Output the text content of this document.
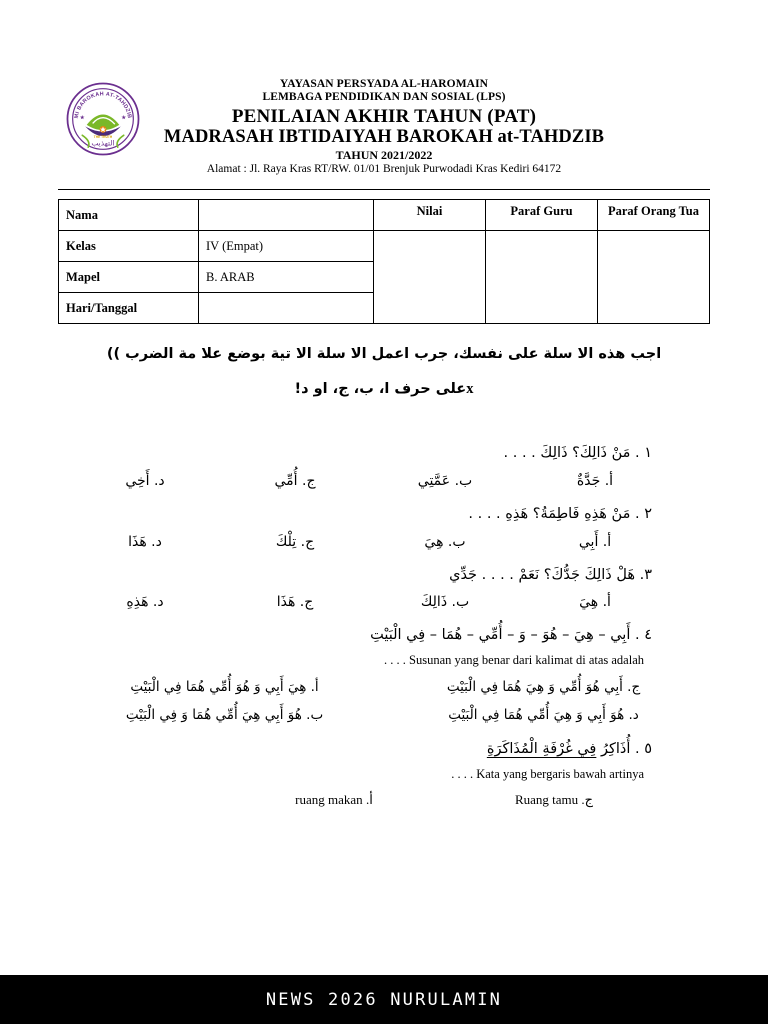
MI BAROKAH AT-TAHDZIB
★	★
التهذيب
THE TRUTH
YAYASAN PERSYADA AL-HAROMAIN
LEMBAGA PENDIDIKAN DAN SOSIAL (LPS)
PENILAIAN AKHIR TAHUN (PAT)
MADRASAH IBTIDAIYAH BAROKAH at-TAHDZIB
TAHUN 2021/2022
Alamat : Jl. Raya Kras RT/RW. 01/01 Brenjuk Purwodadi Kras Kediri 64172
Nama		Nilai	Paraf Guru	Paraf Orang Tua
Kelas	IV (Empat)			
Mapel	B. ARAB			
Hari/Tanggal				
اجب هذه الا سلة على نفسك، جرب اعمل الا سلة الا تية بوضع علا مة الضرب ))
xعلى حرف ا، ب، ج، او د!
١ . مَنْ ذَالِكَ؟ ذَالِكَ . . . .
أ. جَدَّةٌ
ب. عَمَّتِي
ج. أُمِّي
د. أَخِي
٢ . مَنْ هَذِهِ فَاطِمَةُ؟ هَذِهِ . . . .
أ. أَبِي
ب. هِيَ
ج. تِلْكَ
د. هَذَا
٣. هَلْ ذَالِكَ جَدُّكَ؟ نَعَمْ . . . . جَدِّي
أ. هِيَ
ب. ذَالِكَ
ج. هَذَا
د. هَذِهِ
٤ . أَبِي – هِيَ – هُوَ – وَ – أُمِّي – هُمَا – فِي الْبَيْتِ
. . . . Susunan yang benar dari kalimat di atas adalah
ج. أَبِي هُوَ أُمِّي وَ هِيَ هُمَا فِي الْبَيْتِ
أ. هِيَ أَبِي وَ هُوَ أُمِّي هُمَا فِي الْبَيْتِ
د. هُوَ أَبِي وَ هِيَ أُمِّي هُمَا فِي الْبَيْتِ
ب. هُوَ أَبِي هِيَ أُمِّي هُمَا وَ فِي الْبَيْتِ
٥ . أُذَاكِرُ فِي غُرْفَةِ الْمُذَاكَرَةِ
. . . . Kata yang bergaris bawah artinya
ج. Ruang tamu
أ. ruang makan
NEWS 2026 NURULAMIN
